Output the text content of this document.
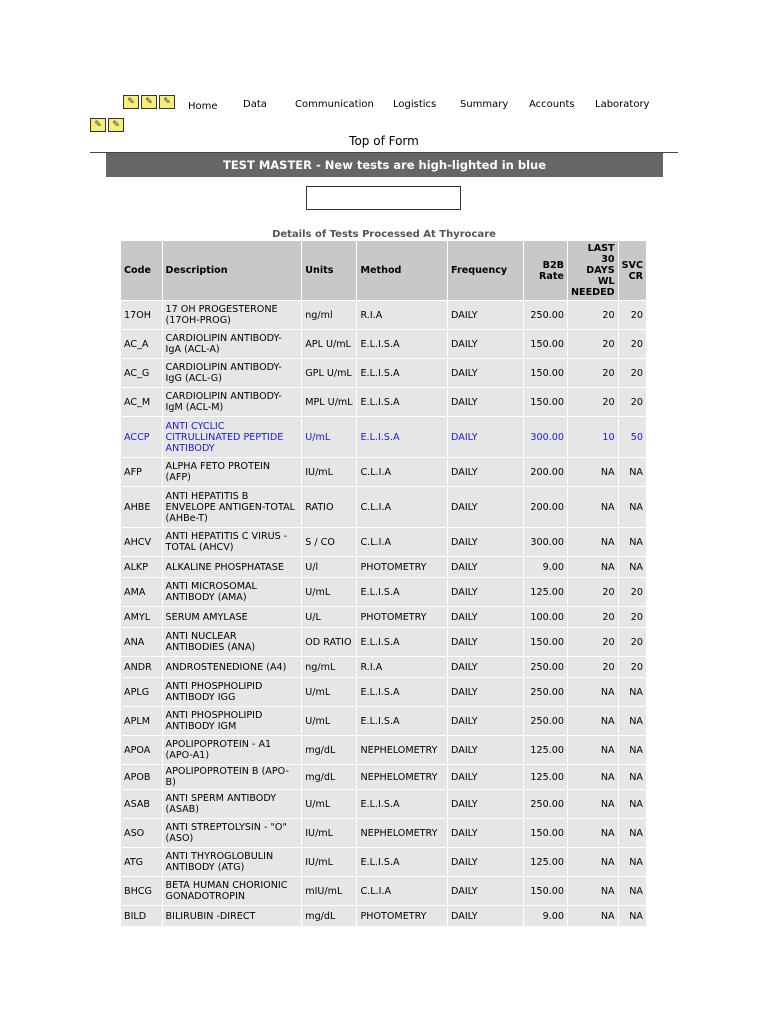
✎	✎	✎
✎	✎
Home	Data	Communication	Logistics	Summary	Accounts	Laboratory
Top of Form
TEST MASTER - New tests are high-lighted in blue
Details of Tests Processed At Thyrocare
Code	Description	Units	Method	Frequency	B2B Rate	LAST 30 DAYS WL NEEDED	SVC CR
17OH	17 OH PROGESTERONE (17OH-PROG)	ng/ml	R.I.A	DAILY	250.00	20	20
AC_A	CARDIOLIPIN ANTIBODY- IgA (ACL-A)	APL U/mL	E.L.I.S.A	DAILY	150.00	20	20
AC_G	CARDIOLIPIN ANTIBODY- IgG (ACL-G)	GPL U/mL	E.L.I.S.A	DAILY	150.00	20	20
AC_M	CARDIOLIPIN ANTIBODY- IgM (ACL-M)	MPL U/mL	E.L.I.S.A	DAILY	150.00	20	20
ACCP	ANTI CYCLIC CITRULLINATED PEPTIDE ANTIBODY	U/mL	E.L.I.S.A	DAILY	300.00	10	50
AFP	ALPHA FETO PROTEIN (AFP)	IU/mL	C.L.I.A	DAILY	200.00	NA	NA
AHBE	ANTI HEPATITIS B ENVELOPE ANTIGEN-TOTAL (AHBe-T)	RATIO	C.L.I.A	DAILY	200.00	NA	NA
AHCV	ANTI HEPATITIS C VIRUS - TOTAL (AHCV)	S / CO	C.L.I.A	DAILY	300.00	NA	NA
ALKP	ALKALINE PHOSPHATASE	U/l	PHOTOMETRY	DAILY	9.00	NA	NA
AMA	ANTI MICROSOMAL ANTIBODY (AMA)	U/mL	E.L.I.S.A	DAILY	125.00	20	20
AMYL	SERUM AMYLASE	U/L	PHOTOMETRY	DAILY	100.00	20	20
ANA	ANTI NUCLEAR ANTIBODIES (ANA)	OD RATIO	E.L.I.S.A	DAILY	150.00	20	20
ANDR	ANDROSTENEDIONE (A4)	ng/mL	R.I.A	DAILY	250.00	20	20
APLG	ANTI PHOSPHOLIPID ANTIBODY IGG	U/mL	E.L.I.S.A	DAILY	250.00	NA	NA
APLM	ANTI PHOSPHOLIPID ANTIBODY IGM	U/mL	E.L.I.S.A	DAILY	250.00	NA	NA
APOA	APOLIPOPROTEIN - A1 (APO-A1)	mg/dL	NEPHELOMETRY	DAILY	125.00	NA	NA
APOB	APOLIPOPROTEIN B (APO-B)	mg/dL	NEPHELOMETRY	DAILY	125.00	NA	NA
ASAB	ANTI SPERM ANTIBODY (ASAB)	U/mL	E.L.I.S.A	DAILY	250.00	NA	NA
ASO	ANTI STREPTOLYSIN - "O" (ASO)	IU/mL	NEPHELOMETRY	DAILY	150.00	NA	NA
ATG	ANTI THYROGLOBULIN ANTIBODY (ATG)	IU/mL	E.L.I.S.A	DAILY	125.00	NA	NA
BHCG	BETA HUMAN CHORIONIC GONADOTROPIN	mIU/mL	C.L.I.A	DAILY	150.00	NA	NA
BILD	BILIRUBIN -DIRECT	mg/dL	PHOTOMETRY	DAILY	9.00	NA	NA
